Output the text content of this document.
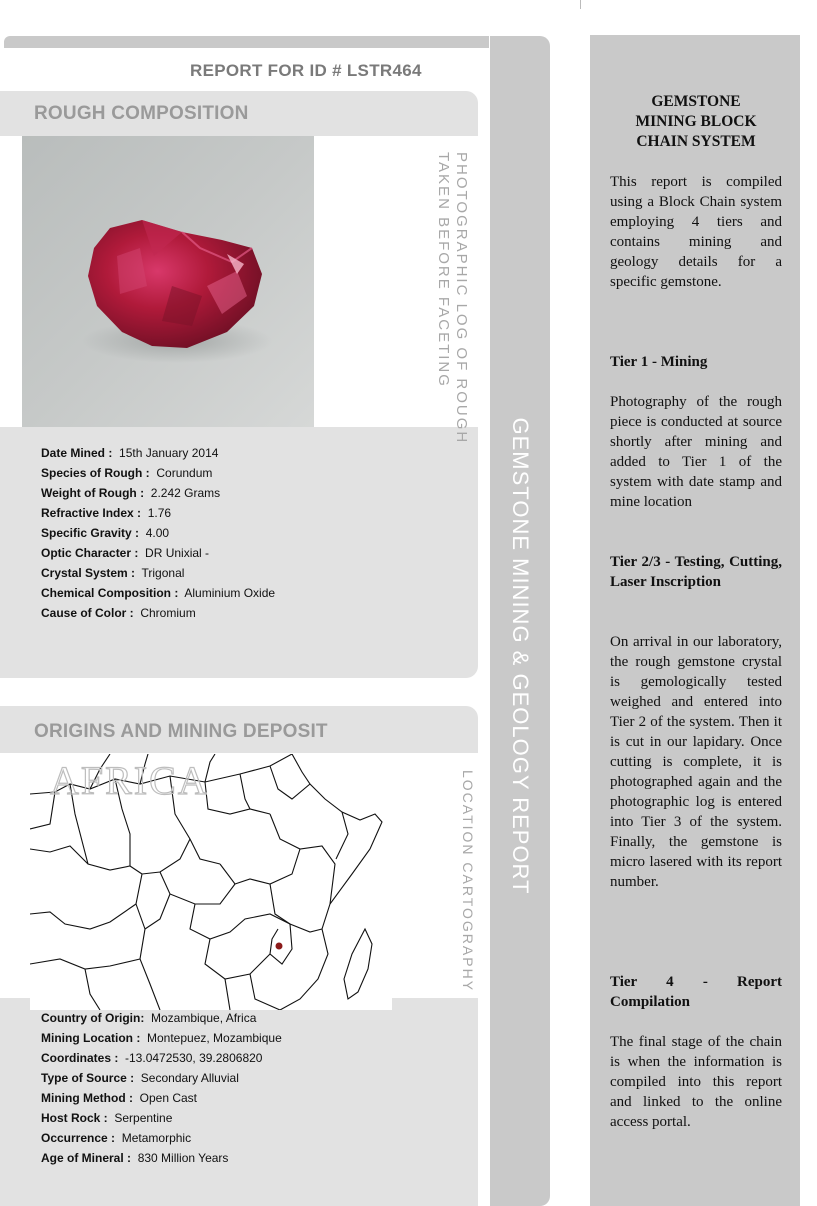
GEMSTONE MINING & GEOLOGY REPORT
REPORT FOR ID # LSTR464
ROUGH COMPOSITION
PHOTOGRAPHIC LOG OF ROUGH
TAKEN BEFORE FACETING
Date Mined : 15th January 2014
Species of Rough : Corundum
Weight of Rough : 2.242 Grams
Refractive Index : 1.76
Specific Gravity : 4.00
Optic Character : DR Unixial -
Crystal System : Trigonal
Chemical Composition : Aluminium Oxide
Cause of Color : Chromium
ORIGINS AND MINING DEPOSIT
AFRICA	LOCATION CARTOGRAPHY
Country of Origin: Mozambique, Africa
Mining Location : Montepuez, Mozambique
Coordinates : -13.0472530, 39.2806820
Type of Source : Secondary Alluvial
Mining Method : Open Cast
Host Rock : Serpentine
Occurrence : Metamorphic
Age of Mineral : 830 Million Years
GEMSTONE
MINING BLOCK
CHAIN SYSTEM
This report is compiled using a Block Chain system employing 4 tiers and contains mining and geology details for a specific gemstone.
Tier 1 - Mining
Photography of the rough piece is conducted at source shortly after mining and added to Tier 1 of the system with date stamp and mine location
Tier 2/3 - Testing, Cutting, Laser Inscription
On arrival in our laboratory, the rough gemstone crystal is gemologically tested weighed and entered into Tier 2 of the system. Then it is cut in our lapidary. Once cutting is complete, it is photographed again and the photographic log is entered into Tier 3 of the system. Finally, the gemstone is micro lasered with its report number.
Tier 4 - Report Compilation
The final stage of the chain is when the information is compiled into this report and linked to the online access portal.
